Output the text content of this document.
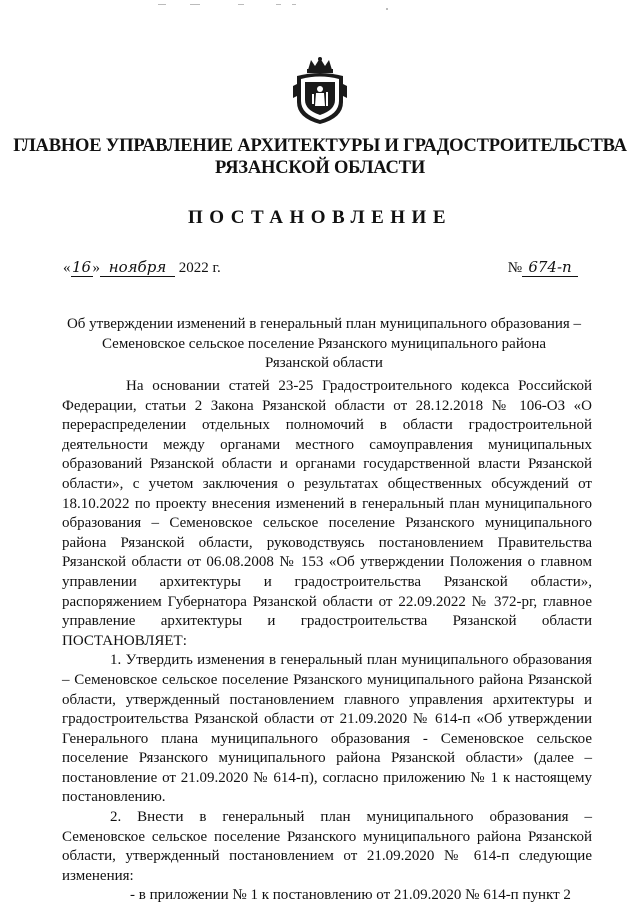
ГЛАВНОЕ УПРАВЛЕНИЕ АРХИТЕКТУРЫ И ГРАДОСТРОИТЕЛЬСТВА
РЯЗАНСКОЙ ОБЛАСТИ
ПОСТАНОВЛЕНИЕ
«16» ноября 2022 г.	№ 674-п
Об утверждении изменений в генеральный план муниципального образования –
Семеновское сельское поселение Рязанского муниципального района
Рязанской области

На основании статей 23-25 Градостроительного кодекса Российской Федерации, статьи 2 Закона Рязанской области от 28.12.2018 № 106-ОЗ «О перераспределении отдельных полномочий в области градостроительной деятельности между органами местного самоуправления муниципальных образований Рязанской области и органами государственной власти Рязанской области», с учетом заключения о результатах общественных обсуждений от 18.10.2022 по проекту внесения изменений в генеральный план муниципального образования – Семеновское сельское поселение Рязанского муниципального района Рязанской области, руководствуясь постановлением Правительства Рязанской области от 06.08.2008 № 153 «Об утверждении Положения о главном управлении архитектуры и градостроительства Рязанской области», распоряжением Губернатора Рязанской области от 22.09.2022 № 372-рг, главное управление архитектуры и градостроительства Рязанской области ПОСТАНОВЛЯЕТ:

1. Утвердить изменения в генеральный план муниципального образования – Семеновское сельское поселение Рязанского муниципального района Рязанской области, утвержденный постановлением главного управления архитектуры и градостроительства Рязанской области от 21.09.2020 № 614-п «Об утверждении Генерального плана муниципального образования - Семеновское сельское поселение Рязанского муниципального района Рязанской области» (далее – постановление от 21.09.2020 № 614-п), согласно приложению № 1 к настоящему постановлению.

2. Внести в генеральный план муниципального образования – Семеновское сельское поселение Рязанского муниципального района Рязанской области, утвержденный постановлением от 21.09.2020 № 614-п следующие изменения:

- в приложении № 1 к постановлению от 21.09.2020 № 614-п пункт 2
